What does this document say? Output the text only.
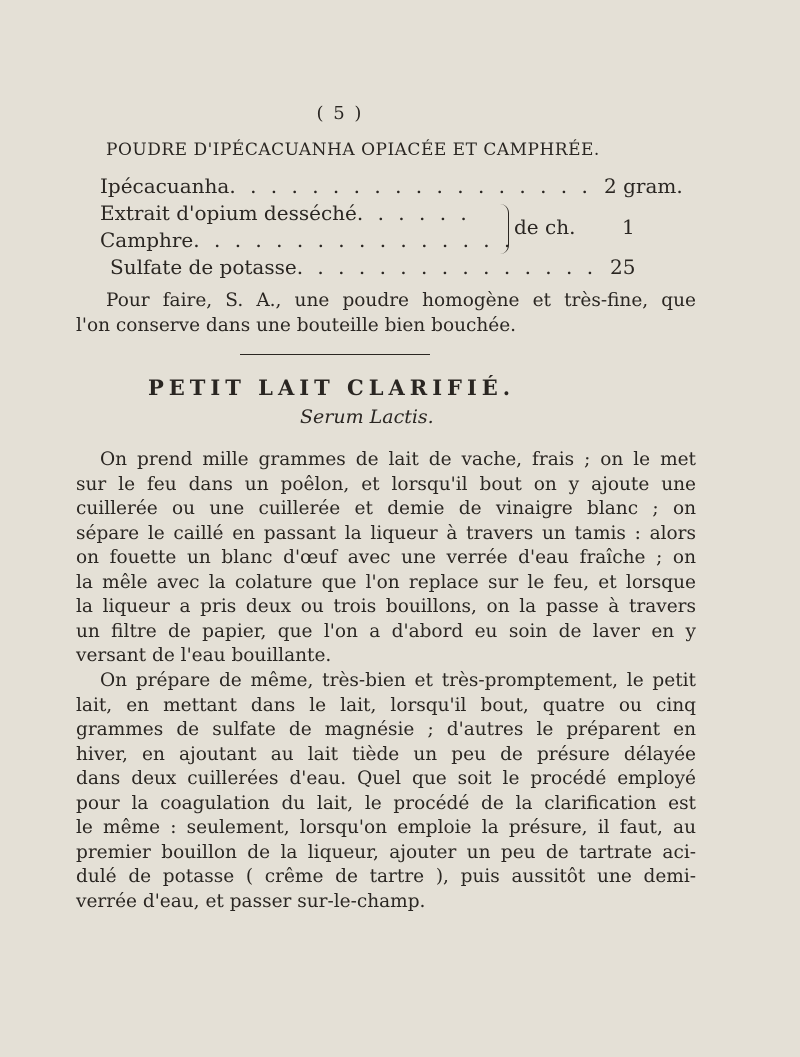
( 5 )
POUDRE D'IPÉCACUANHA OPIACÉE ET CAMPHRÉE.
Ipécacuanha. . . . . . . . . . . . . . . . . . 2 gram.
Extrait d'opium desséché. . . . . .
Camphre. . . . . . . . . . . . . . . .
de ch. 1
Sulfate de potasse. . . . . . . . . . . . . . . 25
Pour faire, S. A., une poudre homogène et très-fine, que
l'on conserve dans une bouteille bien bouchée.
PETIT LAIT CLARIFIÉ.
Serum Lactis.
On prend mille grammes de lait de vache, frais ; on le met
sur le feu dans un poêlon, et lorsqu'il bout on y ajoute une
cuillerée ou une cuillerée et demie de vinaigre blanc ; on
sépare le caillé en passant la liqueur à travers un tamis : alors
on fouette un blanc d'œuf avec une verrée d'eau fraîche ; on
la mêle avec la colature que l'on replace sur le feu, et lorsque
la liqueur a pris deux ou trois bouillons, on la passe à travers
un filtre de papier, que l'on a d'abord eu soin de laver en y
versant de l'eau bouillante.
On prépare de même, très-bien et très-promptement, le petit
lait, en mettant dans le lait, lorsqu'il bout, quatre ou cinq
grammes de sulfate de magnésie ; d'autres le préparent en
hiver, en ajoutant au lait tiède un peu de présure délayée
dans deux cuillerées d'eau. Quel que soit le procédé employé
pour la coagulation du lait, le procédé de la clarification est
le même : seulement, lorsqu'on emploie la présure, il faut, au
premier bouillon de la liqueur, ajouter un peu de tartrate aci-
dulé de potasse ( crême de tartre ), puis aussitôt une demi-
verrée d'eau, et passer sur-le-champ.
